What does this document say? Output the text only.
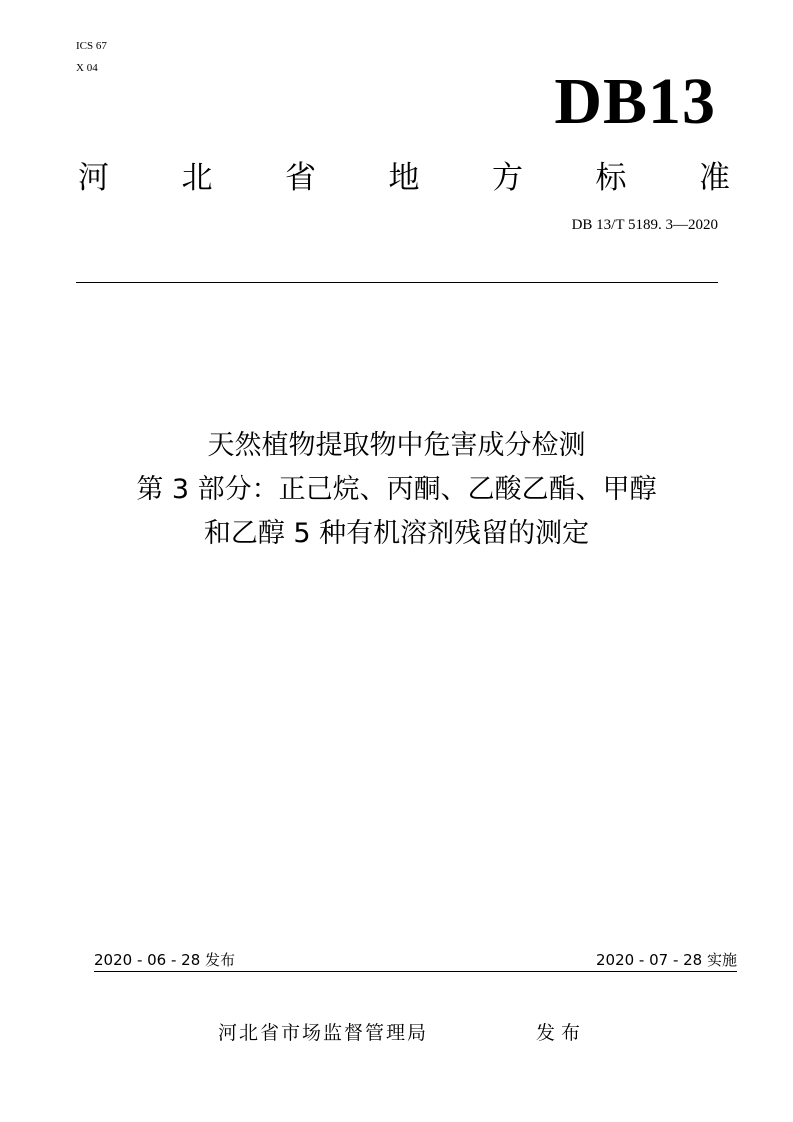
ICS 67
X 04	DB13
河 北 省 地 方 标 准
DB 13/T 5189. 3—2020
天然植物提取物中危害成分检测
第 3 部分：正己烷、丙酮、乙酸乙酯、甲醇
和乙醇 5 种有机溶剂残留的测定
2020 - 06 - 28 发布	2020 - 07 - 28 实施
河北省市场监督管理局	发布
